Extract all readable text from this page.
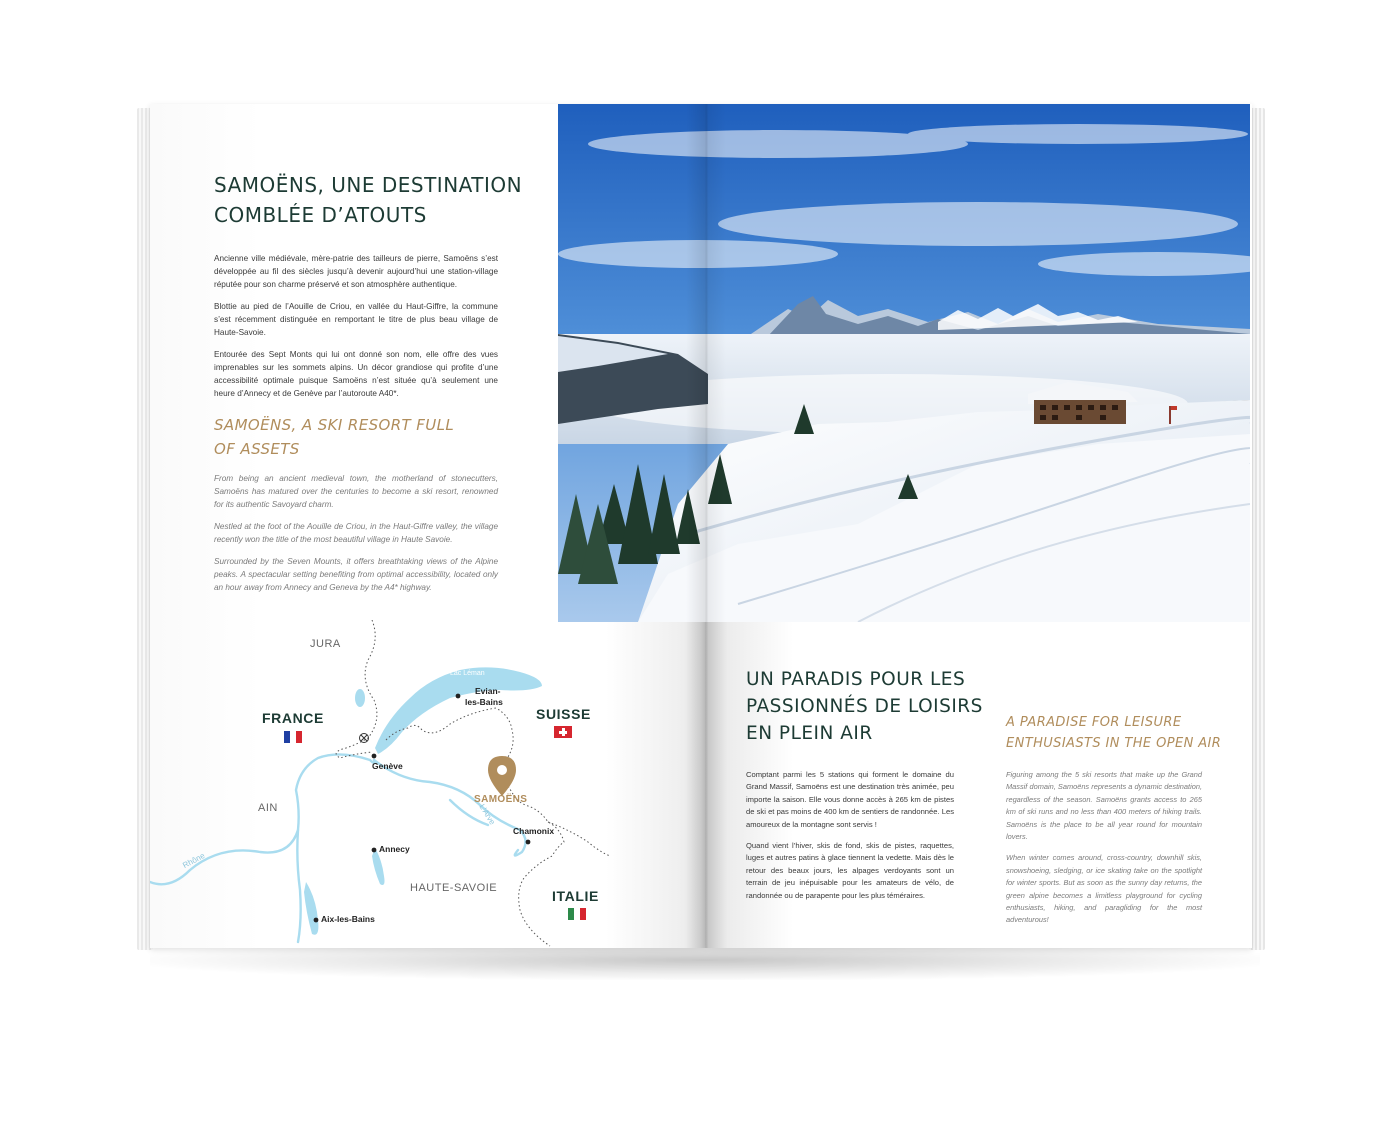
SAMOËNS, UNE DESTINATION
COMBLÉE D’ATOUTS

Ancienne ville médiévale, mère-patrie des tailleurs de pierre, Samoëns s’est développée au fil des siècles jusqu’à devenir aujourd’hui une station-village réputée pour son charme préservé et son atmosphère authentique.

Blottie au pied de l’Aouille de Criou, en vallée du Haut-Giffre, la commune s’est récemment distinguée en remportant le titre de plus beau village de Haute-Savoie.

Entourée des Sept Monts qui lui ont donné son nom, elle offre des vues imprenables sur les sommets alpins. Un décor grandiose qui profite d’une accessibilité optimale puisque Samoëns n’est située qu’à seulement une heure d’Annecy et de Genève par l’autoroute A40*.

SAMOËNS, A SKI RESORT FULL
OF ASSETS

From being an ancient medieval town, the motherland of stonecutters, Samoëns has matured over the centuries to become a ski resort, renowned for its authentic Savoyard charm.

Nestled at the foot of the Aouille de Criou, in the Haut-Giffre valley, the village recently won the title of the most beautiful village in Haute Savoie.

Surrounded by the Seven Mounts, it offers breathtaking views of the Alpine peaks. A spectacular setting benefiting from optimal accessibility, located only an hour away from Annecy and Geneva by the A4* highway.

JURA
AIN
HAUTE-SAVOIE
FRANCE	SUISSE
ITALIE
Lac Léman
Rhône
L'Arve
Evian-
les-Bains
Genève
Annecy
Chamonix
Aix-les-Bains
SAMOËNS
UN PARADIS POUR LES
PASSIONNÉS DE LOISIRS
EN PLEIN AIR
A PARADISE FOR LEISURE
ENTHUSIASTS IN THE OPEN AIR

Comptant parmi les 5 stations qui forment le domaine du Grand Massif, Samoëns est une destination très animée, peu importe la saison. Elle vous donne accès à 265 km de pistes de ski et pas moins de 400 km de sentiers de randonnée. Les amoureux de la montagne sont servis !

Quand vient l’hiver, skis de fond, skis de pistes, raquettes, luges et autres patins à glace tiennent la vedette. Mais dès le retour des beaux jours, les alpages verdoyants sont un terrain de jeu inépuisable pour les amateurs de vélo, de randonnée ou de parapente pour les plus téméraires.

Figuring among the 5 ski resorts that make up the Grand Massif domain, Samoëns represents a dynamic destination, regardless of the season. Samoëns grants access to 265 km of ski runs and no less than 400 meters of hiking trails. Samoëns is the place to be all year round for mountain lovers.

When winter comes around, cross-country, downhill skis, snowshoeing, sledging, or ice skating take on the spotlight for winter sports. But as soon as the sunny day returns, the green alpine becomes a limitless playground for cycling enthusiasts, hiking, and paragliding for the most adventurous!
